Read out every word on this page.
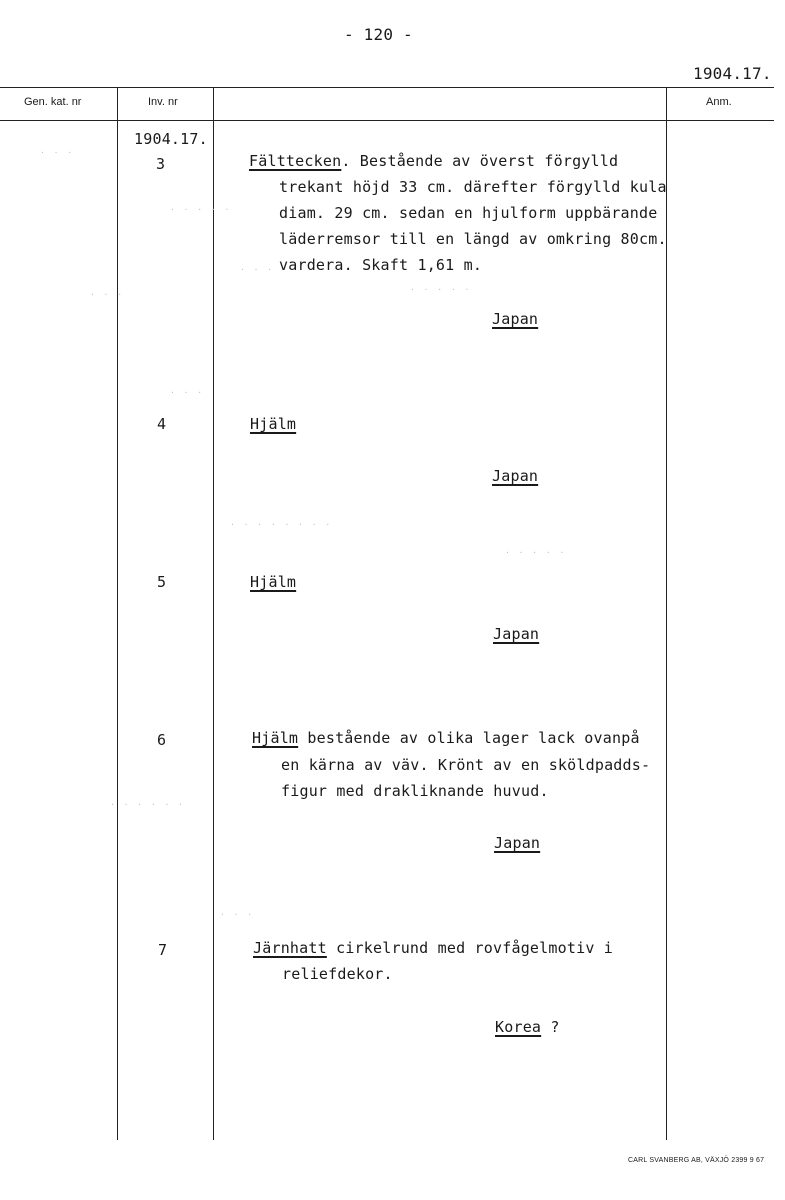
- 120 -
1904.17.
Gen. kat. nr	Inv. nr	Anm.
1904.17.
3	Fälttecken. Bestående av överst förgylld
trekant höjd 33 cm. därefter förgylld kula
diam. 29 cm. sedan en hjulform uppbärande
läderremsor till en längd av omkring 80cm.
vardera. Skaft 1,61 m.
Japan
4	Hjälm
Japan
5	Hjälm
Japan
6	Hjälm bestående av olika lager lack ovanpå
en kärna av väv. Krönt av en sköldpadds-
figur med drakliknande huvud.
Japan
7	Järnhatt cirkelrund med rovfågelmotiv i
reliefdekor.
Korea ?
CARL SVANBERG AB, VÄXJÖ 2399 9 67
· · ·
· · · · ·
· · ·
· · ·
· · · · ·
· · ·
· · · · · · · ·
· · · · ·
· · · · · ·
· · ·
